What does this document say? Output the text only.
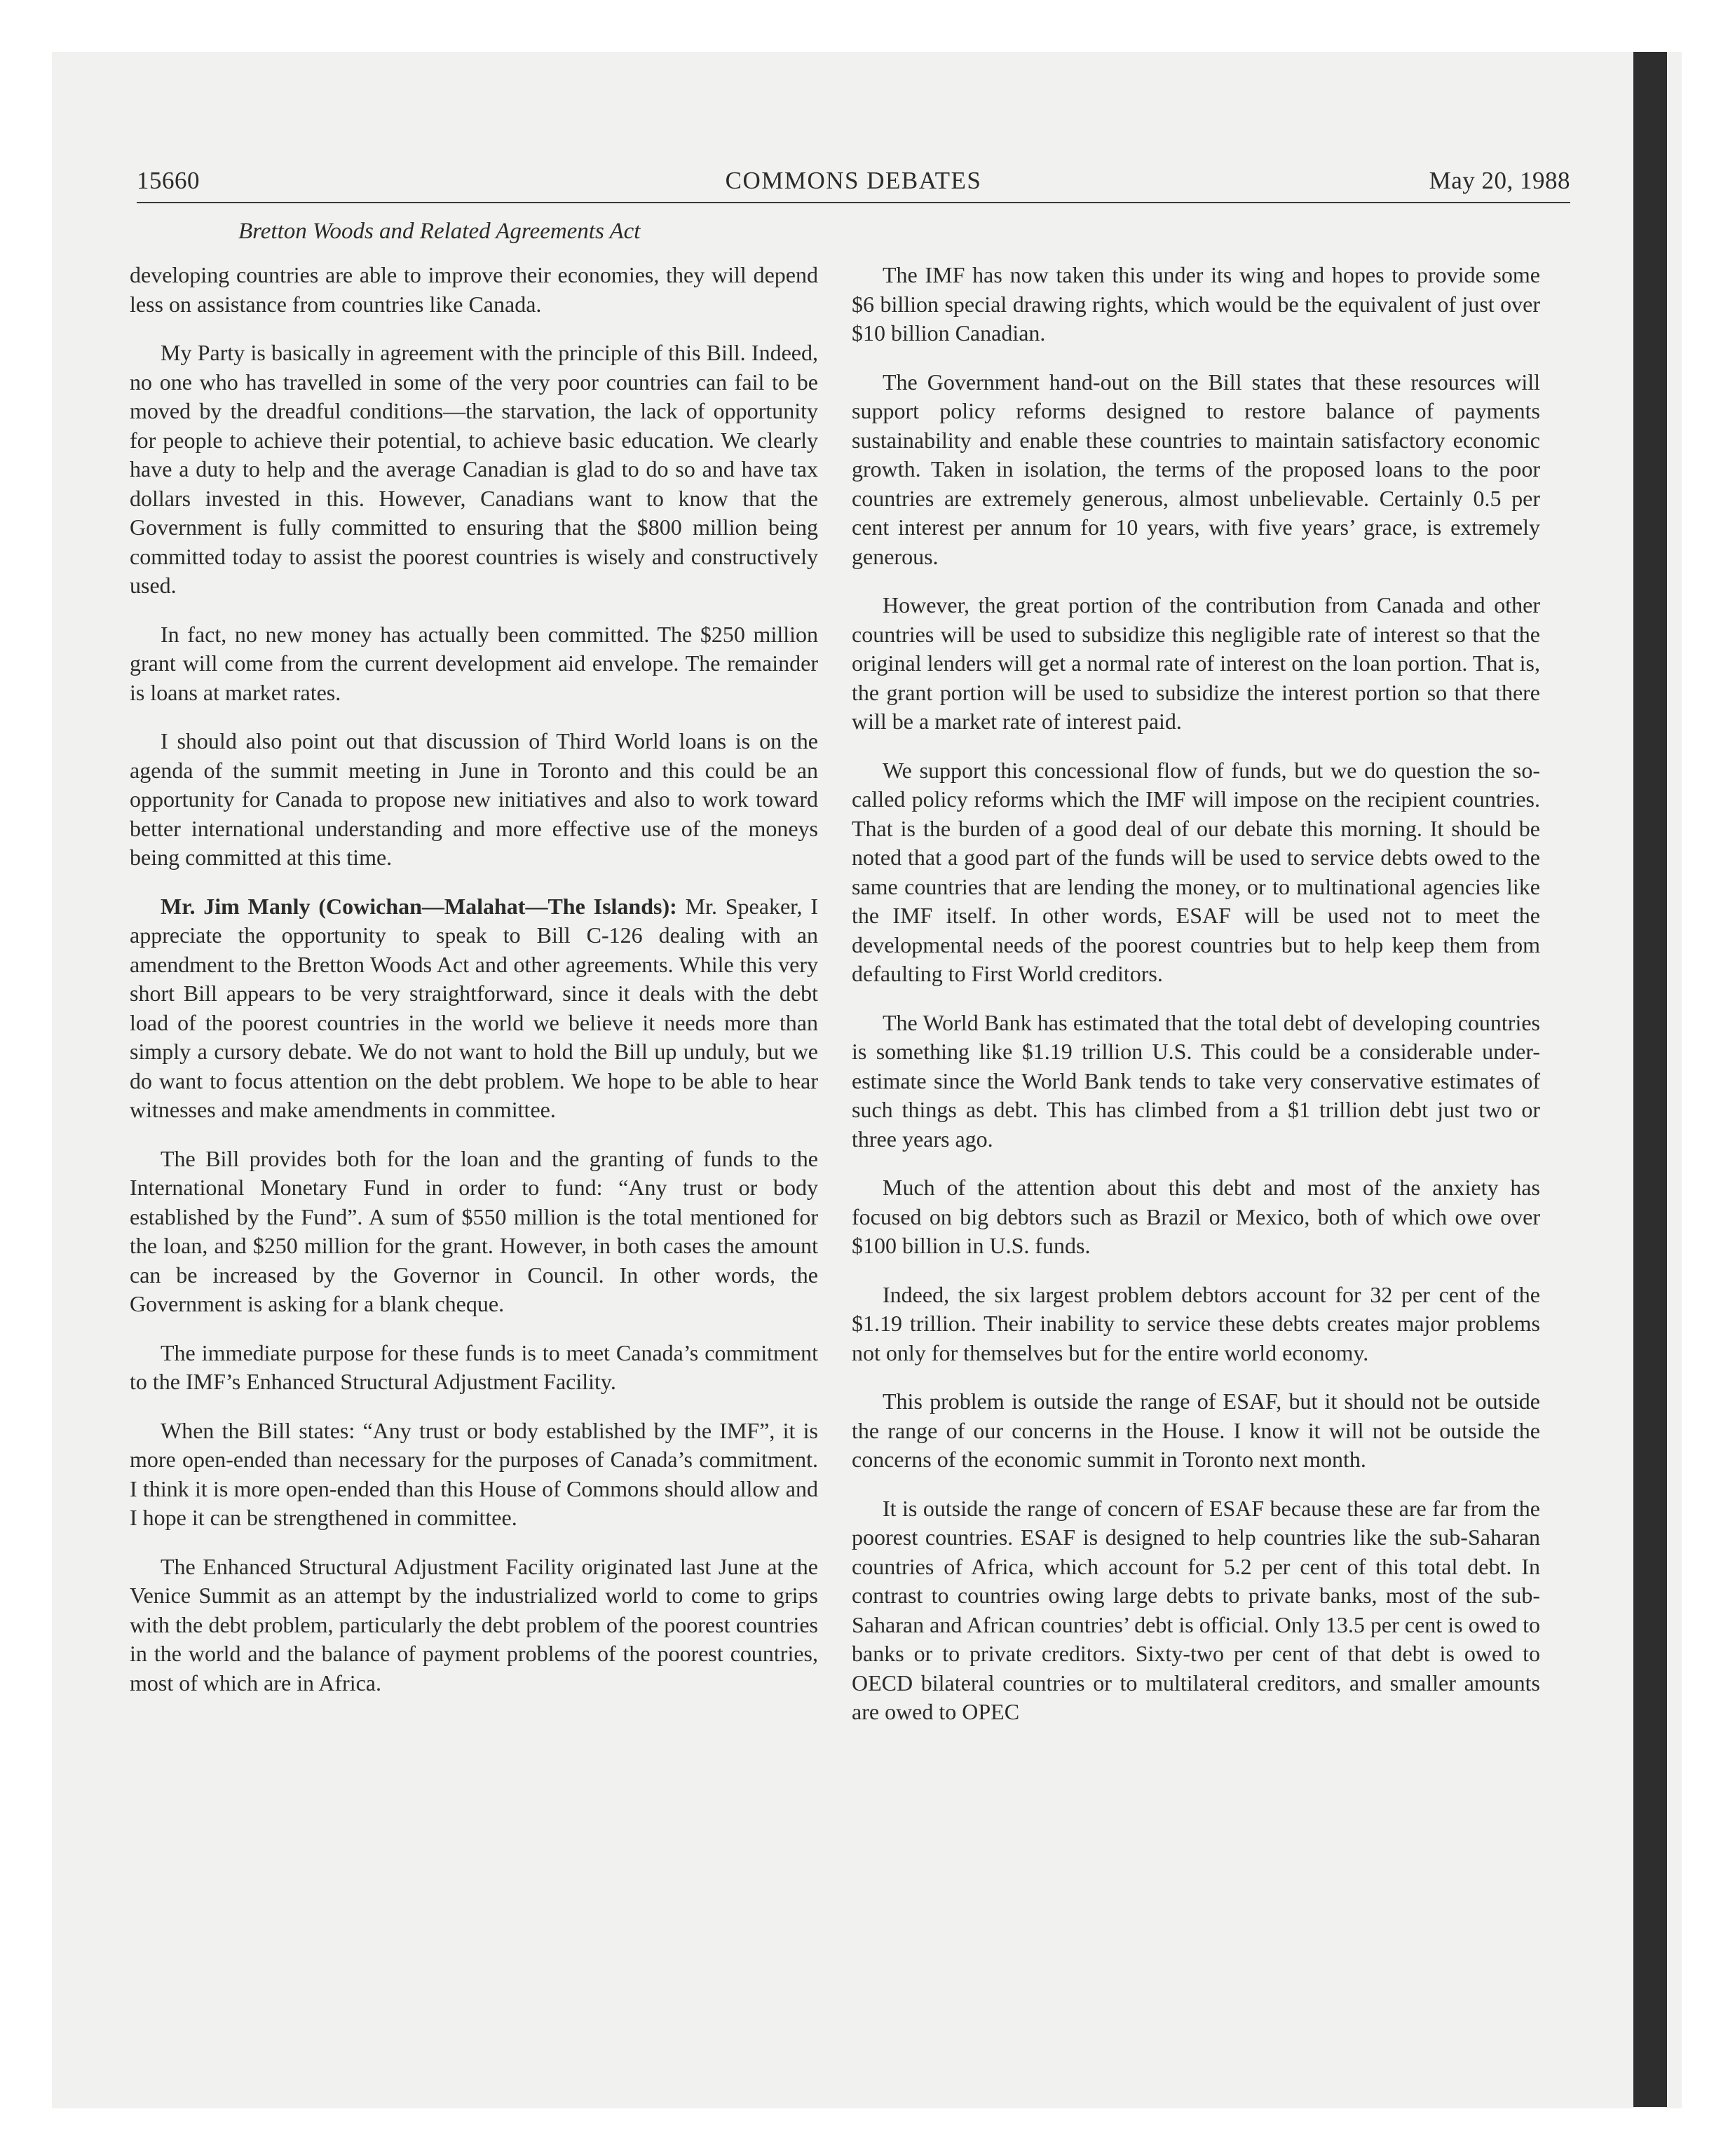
COMMONS DEBATES
15660	May 20, 1988
Bretton Woods and Related Agreements Act

developing countries are able to improve their economies, they will depend less on assistance from countries like Canada.

My Party is basically in agreement with the principle of this Bill. Indeed, no one who has travelled in some of the very poor countries can fail to be moved by the dreadful conditions—the starvation, the lack of opportunity for people to achieve their potential, to achieve basic education. We clearly have a duty to help and the average Canadian is glad to do so and have tax dollars invested in this. However, Canadians want to know that the Government is fully committed to ensuring that the $800 million being committed today to assist the poorest countries is wisely and constructively used.

In fact, no new money has actually been committed. The $250 million grant will come from the current development aid envelope. The remainder is loans at market rates.

I should also point out that discussion of Third World loans is on the agenda of the summit meeting in June in Toronto and this could be an opportunity for Canada to propose new initiatives and also to work toward better international understanding and more effective use of the moneys being committed at this time.

Mr. Jim Manly (Cowichan—Malahat—The Islands): Mr. Speaker, I appreciate the opportunity to speak to Bill C-126 dealing with an amendment to the Bretton Woods Act and other agreements. While this very short Bill appears to be very straightforward, since it deals with the debt load of the poorest countries in the world we believe it needs more than simply a cursory debate. We do not want to hold the Bill up unduly, but we do want to focus attention on the debt problem. We hope to be able to hear witnesses and make amendments in committee.

The Bill provides both for the loan and the granting of funds to the International Monetary Fund in order to fund: “Any trust or body established by the Fund”. A sum of $550 million is the total mentioned for the loan, and $250 million for the grant. However, in both cases the amount can be increased by the Governor in Council. In other words, the Government is asking for a blank cheque.

The immediate purpose for these funds is to meet Canada’s commitment to the IMF’s Enhanced Structural Adjustment Facility.

When the Bill states: “Any trust or body established by the IMF”, it is more open-ended than necessary for the purposes of Canada’s commitment. I think it is more open-ended than this House of Commons should allow and I hope it can be strengthened in committee.

The Enhanced Structural Adjustment Facility originated last June at the Venice Summit as an attempt by the industrialized world to come to grips with the debt problem, particularly the debt problem of the poorest countries in the world and the balance of payment problems of the poorest countries, most of which are in Africa.

The IMF has now taken this under its wing and hopes to provide some $6 billion special drawing rights, which would be the equivalent of just over $10 billion Canadian.

The Government hand-out on the Bill states that these resources will support policy reforms designed to restore balance of payments sustainability and enable these countries to maintain satisfactory economic growth. Taken in isolation, the terms of the proposed loans to the poor countries are extremely generous, almost unbelievable. Certainly 0.5 per cent interest per annum for 10 years, with five years’ grace, is extremely generous.

However, the great portion of the contribution from Canada and other countries will be used to subsidize this negligible rate of interest so that the original lenders will get a normal rate of interest on the loan portion. That is, the grant portion will be used to subsidize the interest portion so that there will be a market rate of interest paid.

We support this concessional flow of funds, but we do question the so-called policy reforms which the IMF will impose on the recipient countries. That is the burden of a good deal of our debate this morning. It should be noted that a good part of the funds will be used to service debts owed to the same countries that are lending the money, or to multinational agencies like the IMF itself. In other words, ESAF will be used not to meet the developmental needs of the poorest countries but to help keep them from defaulting to First World creditors.

The World Bank has estimated that the total debt of developing countries is something like $1.19 trillion U.S. This could be a considerable under-estimate since the World Bank tends to take very conservative estimates of such things as debt. This has climbed from a $1 trillion debt just two or three years ago.

Much of the attention about this debt and most of the anxiety has focused on big debtors such as Brazil or Mexico, both of which owe over $100 billion in U.S. funds.

Indeed, the six largest problem debtors account for 32 per cent of the $1.19 trillion. Their inability to service these debts creates major problems not only for themselves but for the entire world economy.

This problem is outside the range of ESAF, but it should not be outside the range of our concerns in the House. I know it will not be outside the concerns of the economic summit in Toronto next month.

It is outside the range of concern of ESAF because these are far from the poorest countries. ESAF is designed to help countries like the sub-Saharan countries of Africa, which account for 5.2 per cent of this total debt. In contrast to countries owing large debts to private banks, most of the sub-Saharan and African countries’ debt is official. Only 13.5 per cent is owed to banks or to private creditors. Sixty-two per cent of that debt is owed to OECD bilateral countries or to multilateral creditors, and smaller amounts are owed to OPEC
